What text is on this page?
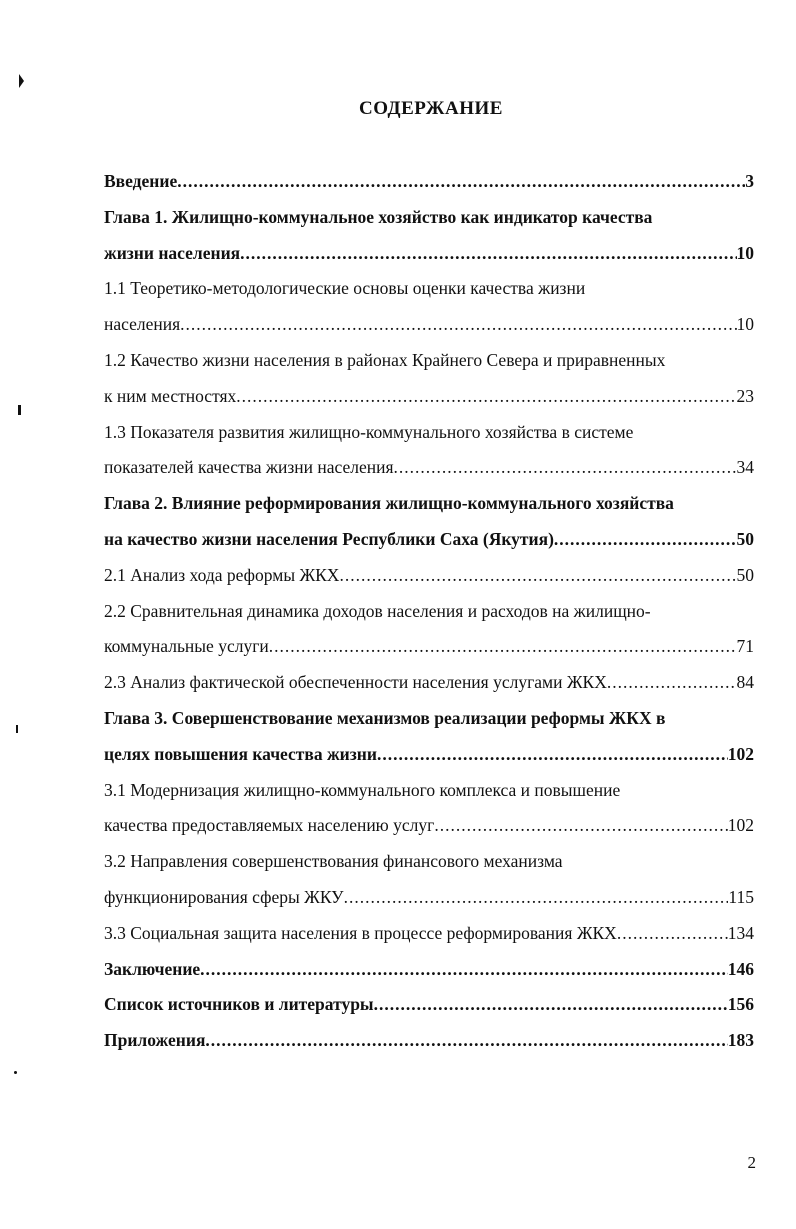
СОДЕРЖАНИЕ
Введение .....	3
Глава 1. Жилищно-коммунальное хозяйство как индикатор качества
жизни населения .....	10
1.1 Теоретико-методологические основы оценки качества жизни
населения .....	10
1.2 Качество жизни населения в районах Крайнего Севера и приравненных
к ним местностях .....	23
1.3 Показателя развития жилищно-коммунального хозяйства в системе
показателей качества жизни населения .....	34
Глава 2. Влияние реформирования жилищно-коммунального хозяйства
на качество жизни населения Республики Саха (Якутия) .....	50
2.1 Анализ хода реформы ЖКХ .....	50
2.2 Сравнительная динамика доходов населения и расходов на жилищно-
коммунальные услуги .....	71
2.3 Анализ фактической обеспеченности населения услугами ЖКХ .....	84
Глава 3. Совершенствование механизмов реализации реформы ЖКХ в
целях повышения качества жизни .....	102
3.1 Модернизация жилищно-коммунального комплекса и повышение
качества предоставляемых населению услуг .....	102
3.2 Направления совершенствования финансового механизма
функционирования сферы ЖКУ .....	115
3.3 Социальная защита населения в процессе реформирования ЖКХ .....	134
Заключение .....	146
Список источников и литературы .....	156
Приложения .....	183
2
